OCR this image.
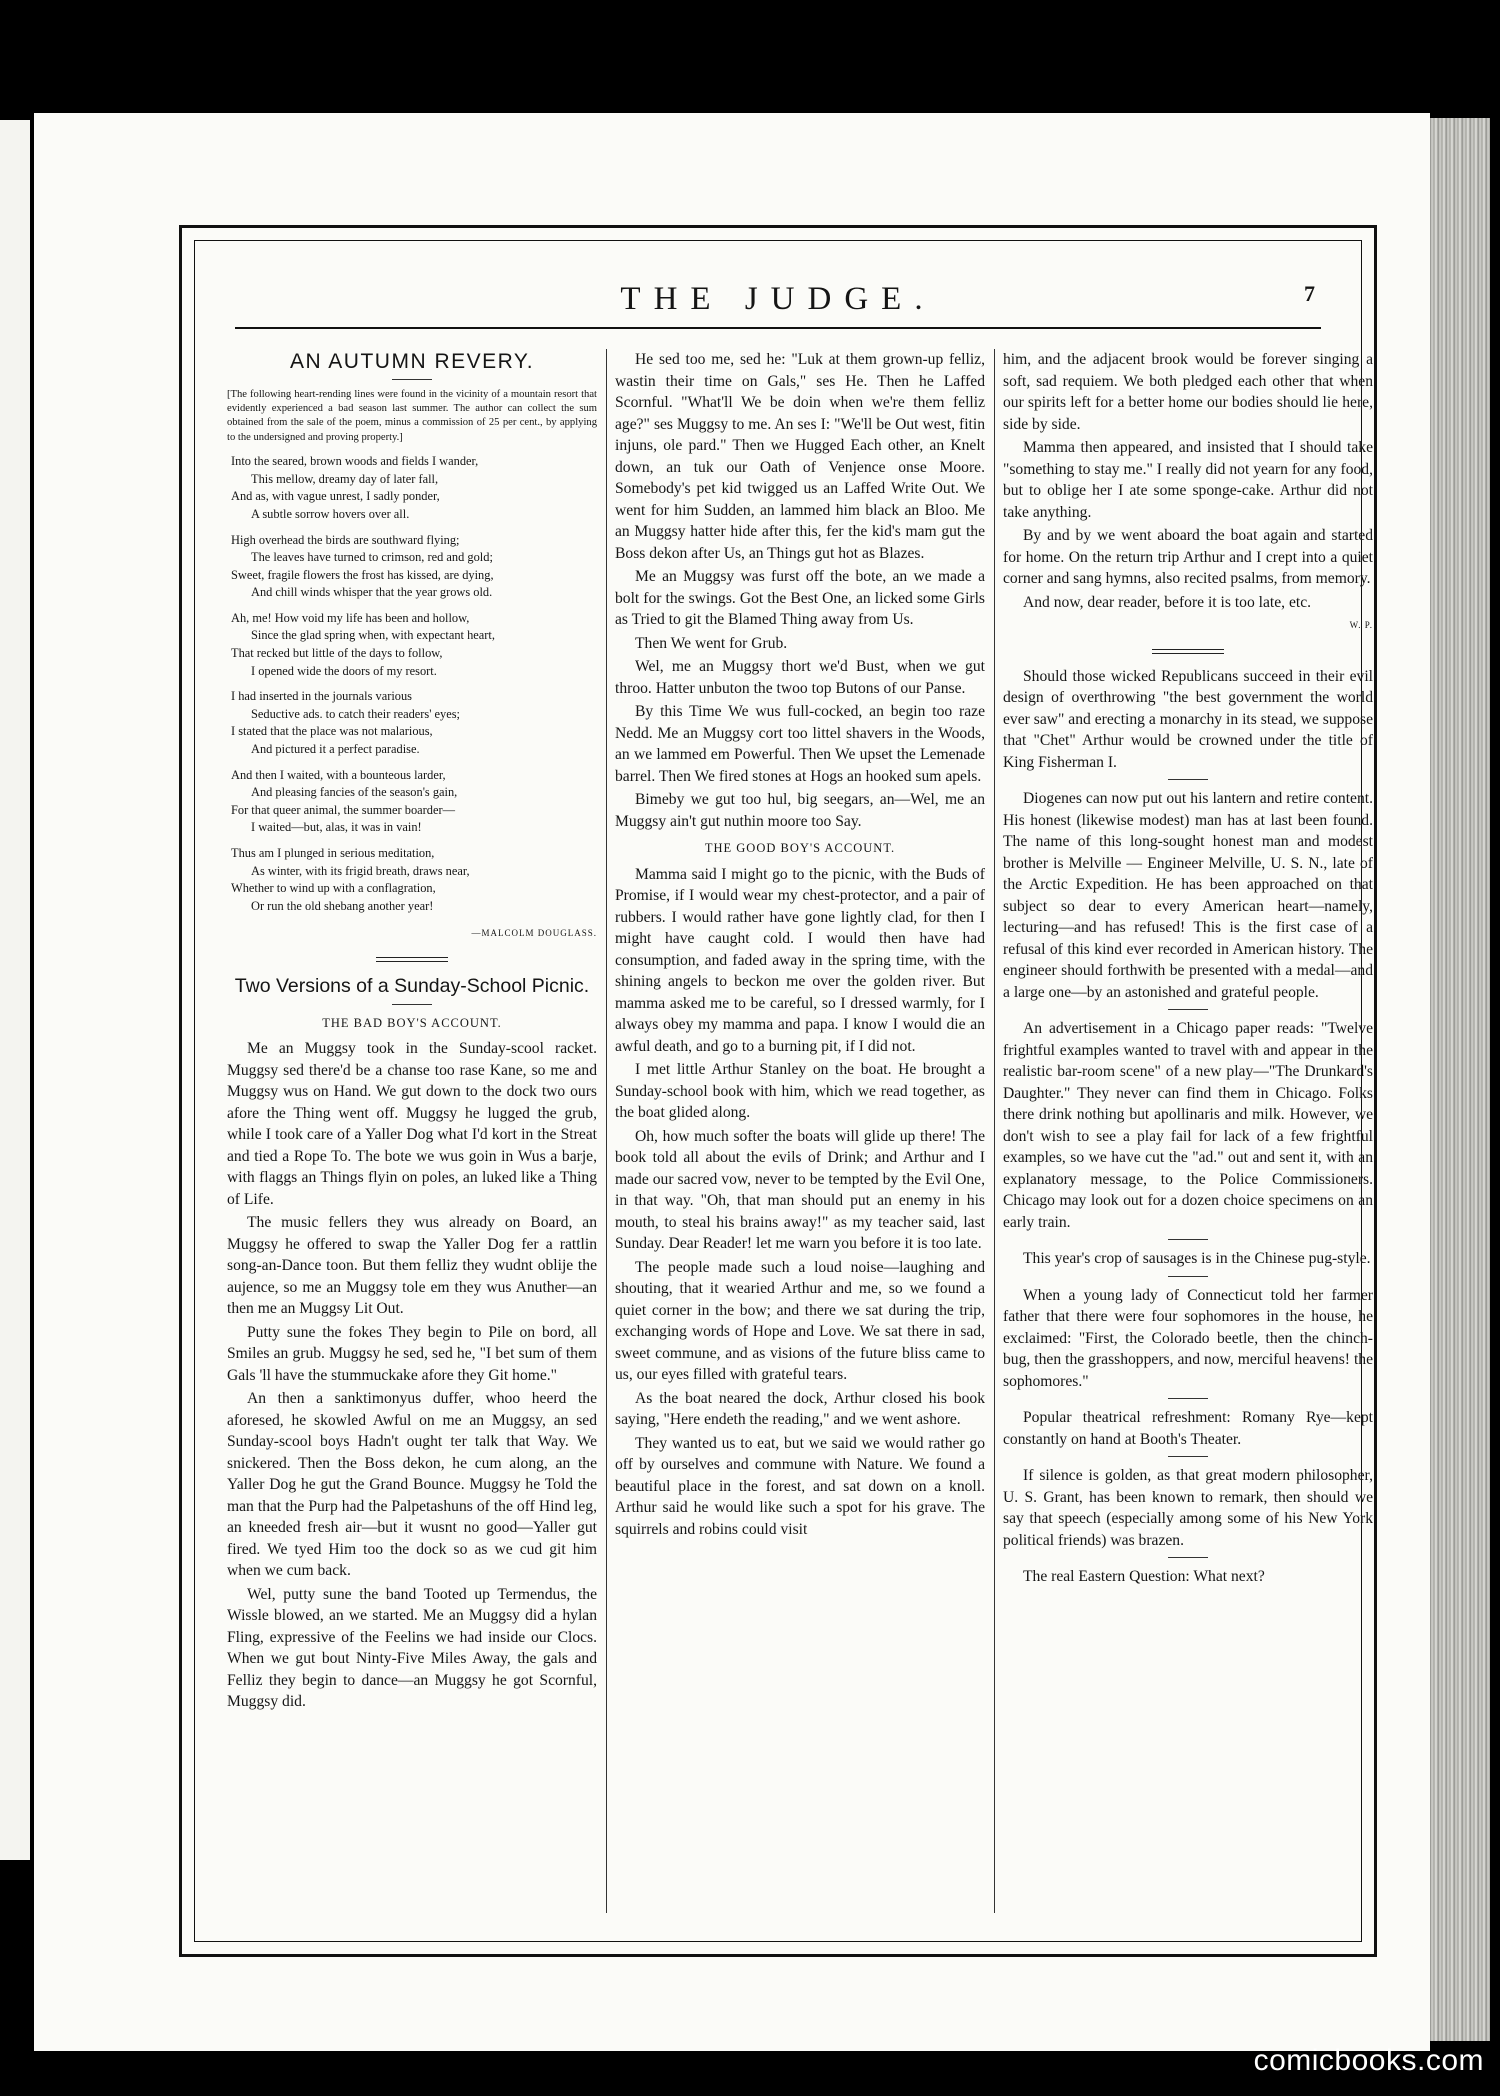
THE JUDGE.	7
AN AUTUMN REVERY.
[The following heart-rending lines were found in the vicinity of a mountain resort that evidently experienced a bad season last summer. The author can collect the sum obtained from the sale of the poem, minus a commission of 25 per cent., by applying to the undersigned and proving property.]
Into the seared, brown woods and fields I wander,
This mellow, dreamy day of later fall,
And as, with vague unrest, I sadly ponder,
A subtle sorrow hovers over all.
High overhead the birds are southward flying;
The leaves have turned to crimson, red and gold;
Sweet, fragile flowers the frost has kissed, are dying,
And chill winds whisper that the year grows old.
Ah, me! How void my life has been and hollow,
Since the glad spring when, with expectant heart,
That recked but little of the days to follow,
I opened wide the doors of my resort.
I had inserted in the journals various
Seductive ads. to catch their readers' eyes;
I stated that the place was not malarious,
And pictured it a perfect paradise.
And then I waited, with a bounteous larder,
And pleasing fancies of the season's gain,
For that queer animal, the summer boarder—
I waited—but, alas, it was in vain!
Thus am I plunged in serious meditation,
As winter, with its frigid breath, draws near,
Whether to wind up with a conflagration,
Or run the old shebang another year!
—MALCOLM DOUGLASS.
Two Versions of a Sunday-School Picnic.
THE BAD BOY'S ACCOUNT.

Me an Muggsy took in the Sunday-scool racket. Muggsy sed there'd be a chanse too rase Kane, so me and Muggsy wus on Hand. We gut down to the dock two ours afore the Thing went off. Muggsy he lugged the grub, while I took care of a Yaller Dog what I'd kort in the Streat and tied a Rope To. The bote we wus goin in Wus a barje, with flaggs an Things flyin on poles, an luked like a Thing of Life.

The music fellers they wus already on Board, an Muggsy he offered to swap the Yaller Dog fer a rattlin song-an-Dance toon. But them felliz they wudnt oblije the aujence, so me an Muggsy tole em they wus Anuther—an then me an Muggsy Lit Out.

Putty sune the fokes They begin to Pile on bord, all Smiles an grub. Muggsy he sed, sed he, "I bet sum of them Gals 'll have the stummuckake afore they Git home."

An then a sanktimonyus duffer, whoo heerd the aforesed, he skowled Awful on me an Muggsy, an sed Sunday-scool boys Hadn't ought ter talk that Way. We snickered. Then the Boss dekon, he cum along, an the Yaller Dog he gut the Grand Bounce. Muggsy he Told the man that the Purp had the Palpetashuns of the off Hind leg, an kneeded fresh air—but it wusnt no good—Yaller gut fired. We tyed Him too the dock so as we cud git him when we cum back.

Wel, putty sune the band Tooted up Termendus, the Wissle blowed, an we started. Me an Muggsy did a hylan Fling, expressive of the Feelins we had inside our Clocs. When we gut bout Ninty-Five Miles Away, the gals and Felliz they begin to dance—an Muggsy he got Scornful, Muggsy did.

He sed too me, sed he: "Luk at them grown-up felliz, wastin their time on Gals," ses He. Then he Laffed Scornful. "What'll We be doin when we're them felliz age?" ses Muggsy to me. An ses I: "We'll be Out west, fitin injuns, ole pard." Then we Hugged Each other, an Knelt down, an tuk our Oath of Venjence onse Moore. Somebody's pet kid twigged us an Laffed Write Out. We went for him Sudden, an lammed him black an Bloo. Me an Muggsy hatter hide after this, fer the kid's mam gut the Boss dekon after Us, an Things gut hot as Blazes.

Me an Muggsy was furst off the bote, an we made a bolt for the swings. Got the Best One, an licked some Girls as Tried to git the Blamed Thing away from Us.

Then We went for Grub.

Wel, me an Muggsy thort we'd Bust, when we gut throo. Hatter unbuton the twoo top Butons of our Panse.

By this Time We wus full-cocked, an begin too raze Nedd. Me an Muggsy cort too littel shavers in the Woods, an we lammed em Powerful. Then We upset the Lemenade barrel. Then We fired stones at Hogs an hooked sum apels.

Bimeby we gut too hul, big seegars, an—Wel, me an Muggsy ain't gut nuthin moore too Say.

THE GOOD BOY'S ACCOUNT.

Mamma said I might go to the picnic, with the Buds of Promise, if I would wear my chest-protector, and a pair of rubbers. I would rather have gone lightly clad, for then I might have caught cold. I would then have had consumption, and faded away in the spring time, with the shining angels to beckon me over the golden river. But mamma asked me to be careful, so I dressed warmly, for I always obey my mamma and papa. I know I would die an awful death, and go to a burning pit, if I did not.

I met little Arthur Stanley on the boat. He brought a Sunday-school book with him, which we read together, as the boat glided along.

Oh, how much softer the boats will glide up there! The book told all about the evils of Drink; and Arthur and I made our sacred vow, never to be tempted by the Evil One, in that way. "Oh, that man should put an enemy in his mouth, to steal his brains away!" as my teacher said, last Sunday. Dear Reader! let me warn you before it is too late.

The people made such a loud noise—laughing and shouting, that it wearied Arthur and me, so we found a quiet corner in the bow; and there we sat during the trip, exchanging words of Hope and Love. We sat there in sad, sweet commune, and as visions of the future bliss came to us, our eyes filled with grateful tears.

As the boat neared the dock, Arthur closed his book saying, "Here endeth the reading," and we went ashore.

They wanted us to eat, but we said we would rather go off by ourselves and commune with Nature. We found a beautiful place in the forest, and sat down on a knoll. Arthur said he would like such a spot for his grave. The squirrels and robins could visit

him, and the adjacent brook would be forever singing a soft, sad requiem. We both pledged each other that when our spirits left for a better home our bodies should lie here, side by side.

Mamma then appeared, and insisted that I should take "something to stay me." I really did not yearn for any food, but to oblige her I ate some sponge-cake. Arthur did not take anything.

By and by we went aboard the boat again and started for home. On the return trip Arthur and I crept into a quiet corner and sang hymns, also recited psalms, from memory.

And now, dear reader, before it is too late, etc.

W. P.

Should those wicked Republicans succeed in their evil design of overthrowing "the best government the world ever saw" and erecting a monarchy in its stead, we suppose that "Chet" Arthur would be crowned under the title of King Fisherman I.

Diogenes can now put out his lantern and retire content. His honest (likewise modest) man has at last been found. The name of this long-sought honest man and modest brother is Melville — Engineer Melville, U. S. N., late of the Arctic Expedition. He has been approached on that subject so dear to every American heart—namely, lecturing—and has refused! This is the first case of a refusal of this kind ever recorded in American history. The engineer should forthwith be presented with a medal—and a large one—by an astonished and grateful people.

An advertisement in a Chicago paper reads: "Twelve frightful examples wanted to travel with and appear in the realistic bar-room scene" of a new play—"The Drunkard's Daughter." They never can find them in Chicago. Folks there drink nothing but apollinaris and milk. However, we don't wish to see a play fail for lack of a few frightful examples, so we have cut the "ad." out and sent it, with an explanatory message, to the Police Commissioners. Chicago may look out for a dozen choice specimens on an early train.

This year's crop of sausages is in the Chinese pug-style.

When a young lady of Connecticut told her farmer father that there were four sophomores in the house, he exclaimed: "First, the Colorado beetle, then the chinch-bug, then the grasshoppers, and now, merciful heavens! the sophomores."

Popular theatrical refreshment: Romany Rye—kept constantly on hand at Booth's Theater.

If silence is golden, as that great modern philosopher, U. S. Grant, has been known to remark, then should we say that speech (especially among some of his New York political friends) was brazen.

The real Eastern Question: What next?

comicbooks.com
